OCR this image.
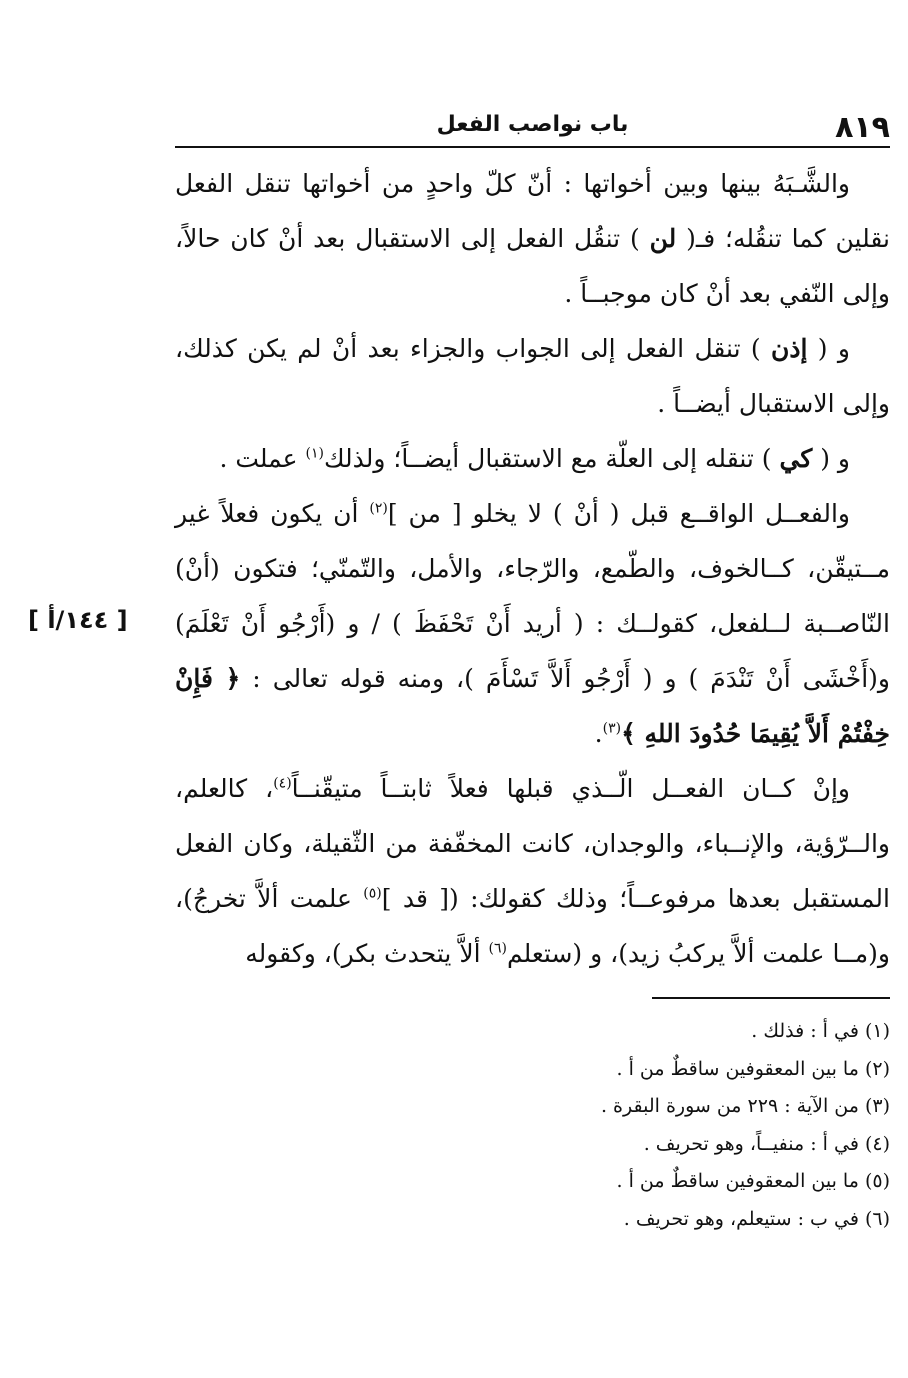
٨١٩
باب نواصب الفعل
[ ١٤٤/أ ]

والشَّـبَهُ بينها وبين أخواتها : أنّ كلّ واحدٍ من أخواتها تنقل الفعل نقلين كما تنقُله؛ فـ( لن ) تنقُل الفعل إلى الاستقبال بعد أنْ كان حالاً، وإلى النّفي بعد أنْ كان موجبــاً .

و ( إذن ) تنقل الفعل إلى الجواب والجزاء بعد أنْ لم يكن كذلك، وإلى الاستقبال أيضــاً .

و ( كي ) تنقله إلى العلّة مع الاستقبال أيضــاً؛ ولذلك$^{(١)}$ عملت .

والفعــل الواقــع قبل ( أنْ ) لا يخلو [ من ]$^{(٢)}$ أن يكون فعلاً غير مــتيقّن، كــالخوف، والطّمع، والرّجاء، والأمل، والتّمنّي؛ فتكون (أنْ) النّاصــبة لــلفعل، كقولــك : ( أريد أَنْ تَحْفَظَ ) / و (أَرْجُو أَنْ تَعْلَمَ) و(أَخْشَى أَنْ تَنْدَمَ ) و ( أَرْجُو أَلاَّ تَسْأَمَ )، ومنه قوله تعالى : ﴿ فَإِنْ خِفْتُمْ أَلاَّ يُقِيمَا حُدُودَ اللهِ ﴾$^{(٣)}$.

وإنْ كــان الفعــل الّــذي قبلها فعلاً ثابتــاً متيقّنــاً$^{(٤)}$، كالعلم، والــرّؤية، والإنــباء، والوجدان، كانت المخفّفة من الثّقيلة، وكان الفعل المستقبل بعدها مرفوعــاً؛ وذلك كقولك: ([ قد ]$^{(٥)}$ علمت ألاَّ تخرجُ)، و(مــا علمت ألاَّ يركبُ زيد)، و (ستعلم$^{(٦)}$ ألاَّ يتحدث بكر)، وكقوله

(١) في أ : فذلك .

(٢) ما بين المعقوفين ساقطٌ من أ .

(٣) من الآية : ٢٢٩ من سورة البقرة .

(٤) في أ : منفيــاً، وهو تحريف .

(٥) ما بين المعقوفين ساقطٌ من أ .

(٦) في ب : ستيعلم، وهو تحريف .
